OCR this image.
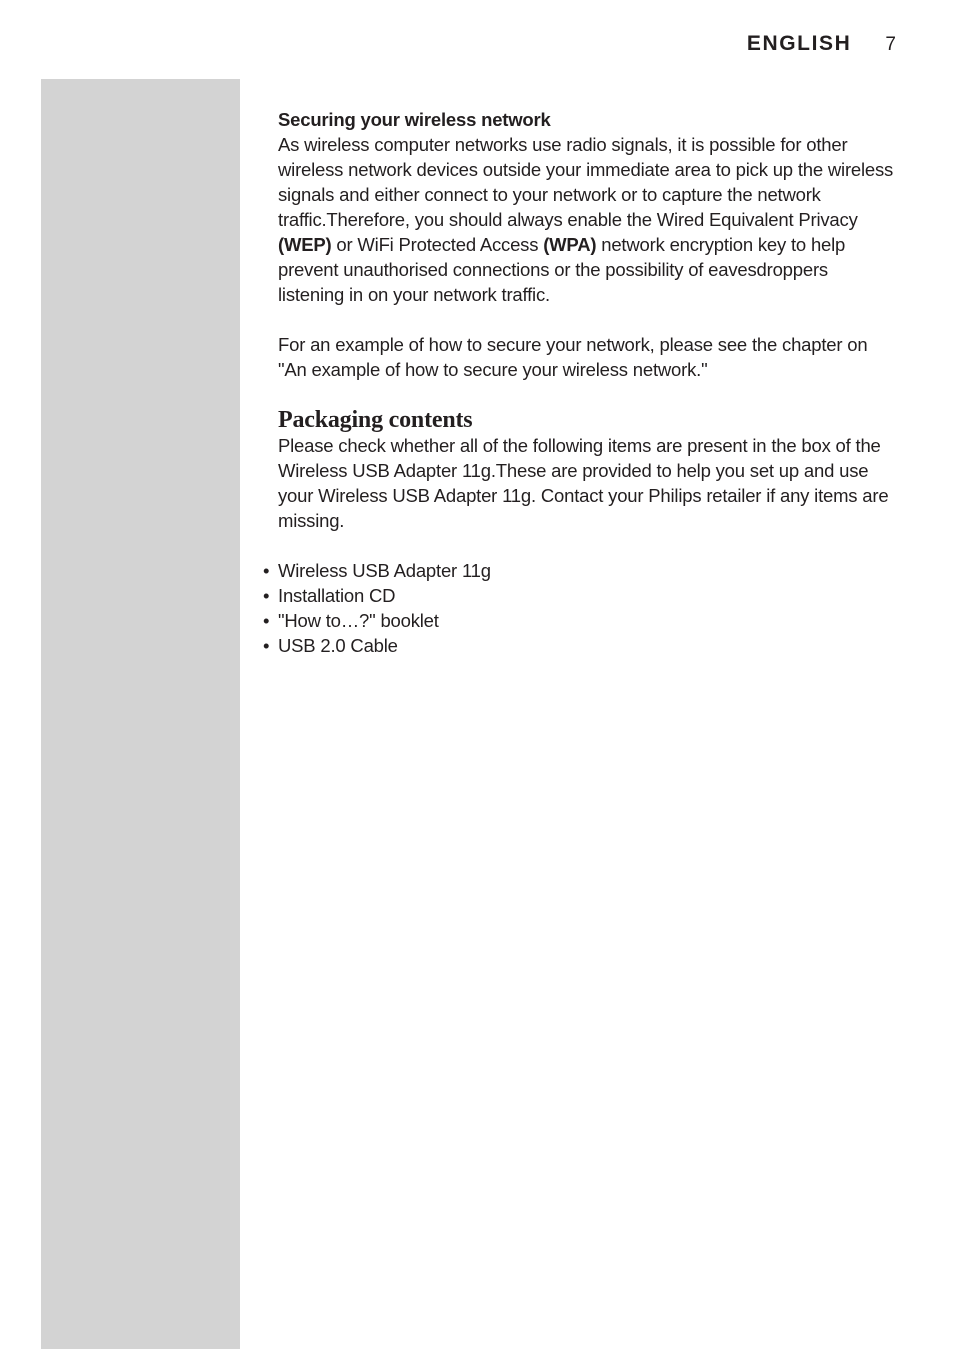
ENGLISH 7

Securing your wireless network

As wireless computer networks use radio signals, it is possible for other wireless network devices outside your immediate area to pick up the wireless signals and either connect to your network or to capture the network traffic.Therefore, you should always enable the Wired Equivalent Privacy (WEP) or WiFi Protected Access (WPA) network encryption key to help prevent unauthorised connections or the possibility of eavesdroppers listening in on your network traffic.

For an example of how to secure your network, please see the chapter on "An example of how to secure your wireless network."

Packaging contents

Please check whether all of the following items are present in the box of the Wireless USB Adapter 11g.These are provided to help you set up and use your Wireless USB Adapter 11g. Contact your Philips retailer if any items are missing.

• Wireless USB Adapter 11g
• Installation CD
• "How to…?" booklet
• USB 2.0 Cable
